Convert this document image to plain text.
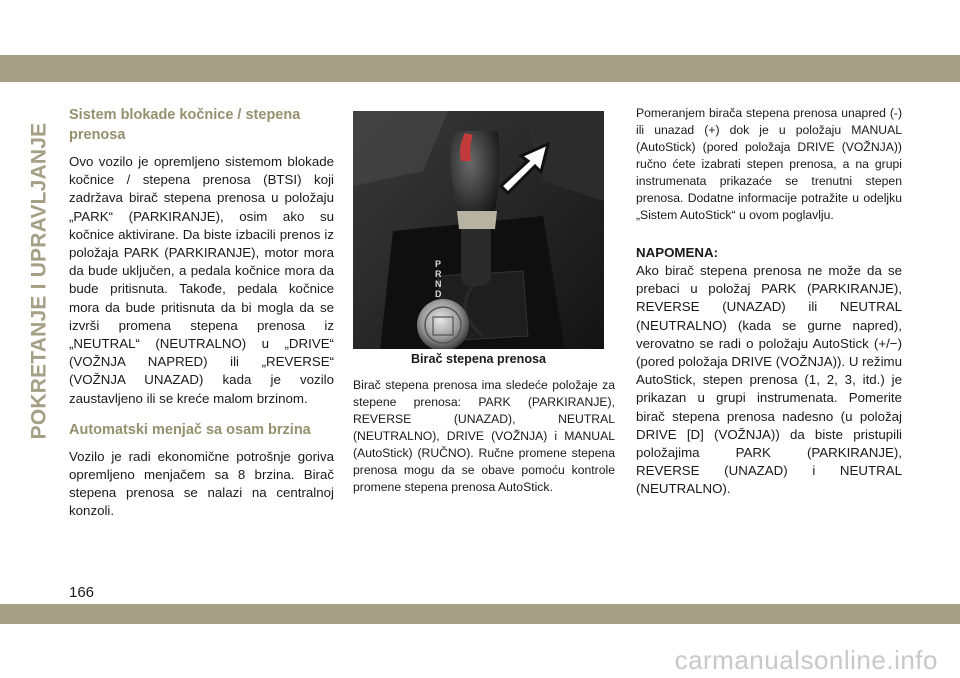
POKRETANJE I UPRAVLJANJE
Sistem blokade kočnice / stepena prenosa

Ovo vozilo je opremljeno sistemom blokade kočnice / stepena prenosa (BTSI) koji zadržava birač stepena prenosa u položaju „PARK“ (PARKIRANJE), osim ako su kočnice aktivirane. Da biste izbacili prenos iz položaja PARK (PARKIRANJE), motor mora da bude uključen, a pedala kočnice mora da bude pritisnuta. Takođe, pedala kočnice mora da bude pritisnuta da bi mogla da se izvrši promena stepena prenosa iz „NEUTRAL“ (NEUTRALNO) u „DRIVE“ (VOŽNJA NAPRED) ili „REVERSE“ (VOŽNJA UNAZAD) kada je vozilo zaustavljeno ili se kreće malom brzinom.

Automatski menjač sa osam brzina

Vozilo je radi ekonomične potrošnje goriva opremljeno menjačem sa 8 brzina. Birač stepena prenosa se nalazi na centralnoj konzoli.

P
R
N
D
Birač stepena prenosa

Birač stepena prenosa ima sledeće položaje za stepene prenosa: PARK (PARKIRANJE), REVERSE (UNAZAD), NEUTRAL (NEUTRALNO), DRIVE (VOŽNJA) i MANUAL (AutoStick) (RUČNO). Ručne promene stepena prenosa mogu da se obave pomoću kontrole promene stepena prenosa AutoStick.

Pomeranjem birača stepena prenosa unapred (-) ili unazad (+) dok je u položaju MANUAL (AutoStick) (pored položaja DRIVE (VOŽNJA)) ručno ćete izabrati stepen prenosa, a na grupi instrumenata prikazaće se trenutni stepen prenosa. Dodatne informacije potražite u odeljku „Sistem AutoStick“ u ovom poglavlju.

NAPOMENA:

Ako birač stepena prenosa ne može da se prebaci u položaj PARK (PARKIRANJE), REVERSE (UNAZAD) ili NEUTRAL (NEUTRALNO) (kada se gurne napred), verovatno se radi o položaju AutoStick (+/−) (pored položaja DRIVE (VOŽNJA)). U režimu AutoStick, stepen prenosa (1, 2, 3, itd.) je prikazan u grupi instrumenata. Pomerite birač stepena prenosa nadesno (u položaj DRIVE [D] (VOŽNJA)) da biste pristupili položajima PARK (PARKIRANJE), REVERSE (UNAZAD) i NEUTRAL (NEUTRALNO).

166
carmanualsonline.info
